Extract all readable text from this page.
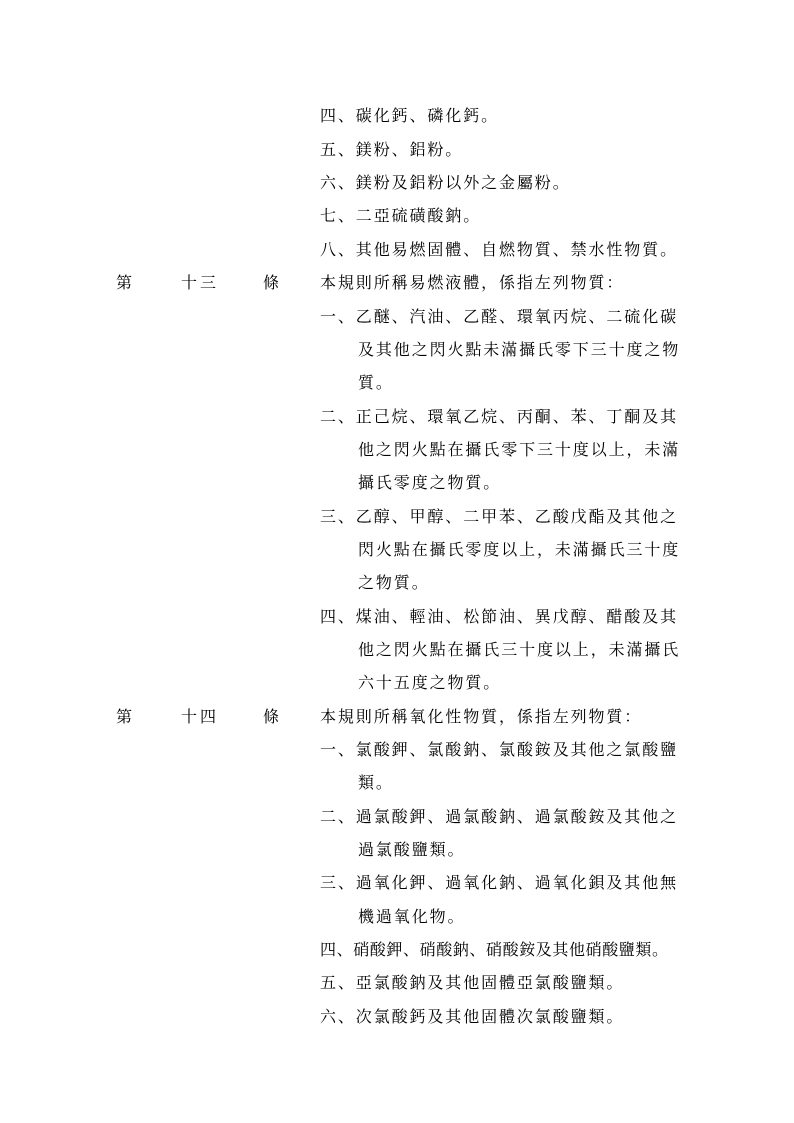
四、碳化鈣、磷化鈣。
五、鎂粉、鋁粉。
六、鎂粉及鋁粉以外之金屬粉。
七、二亞硫磺酸鈉。
八、其他易燃固體、自燃物質、禁水性物質。
第	十三	條	本規則所稱易燃液體，係指左列物質：
一、乙醚、汽油、乙醛、環氧丙烷、二硫化碳
及其他之閃火點未滿攝氏零下三十度之物
質。
二、正己烷、環氧乙烷、丙酮、苯、丁酮及其
他之閃火點在攝氏零下三十度以上，未滿
攝氏零度之物質。
三、乙醇、甲醇、二甲苯、乙酸戊酯及其他之
閃火點在攝氏零度以上，未滿攝氏三十度
之物質。
四、煤油、輕油、松節油、異戊醇、醋酸及其
他之閃火點在攝氏三十度以上，未滿攝氏
六十五度之物質。
第	十四	條	本規則所稱氧化性物質，係指左列物質：
一、氯酸鉀、氯酸鈉、氯酸銨及其他之氯酸鹽
類。
二、過氯酸鉀、過氯酸鈉、過氯酸銨及其他之
過氯酸鹽類。
三、過氧化鉀、過氧化鈉、過氧化鋇及其他無
機過氧化物。
四、硝酸鉀、硝酸鈉、硝酸銨及其他硝酸鹽類。
五、亞氯酸鈉及其他固體亞氯酸鹽類。
六、次氯酸鈣及其他固體次氯酸鹽類。
